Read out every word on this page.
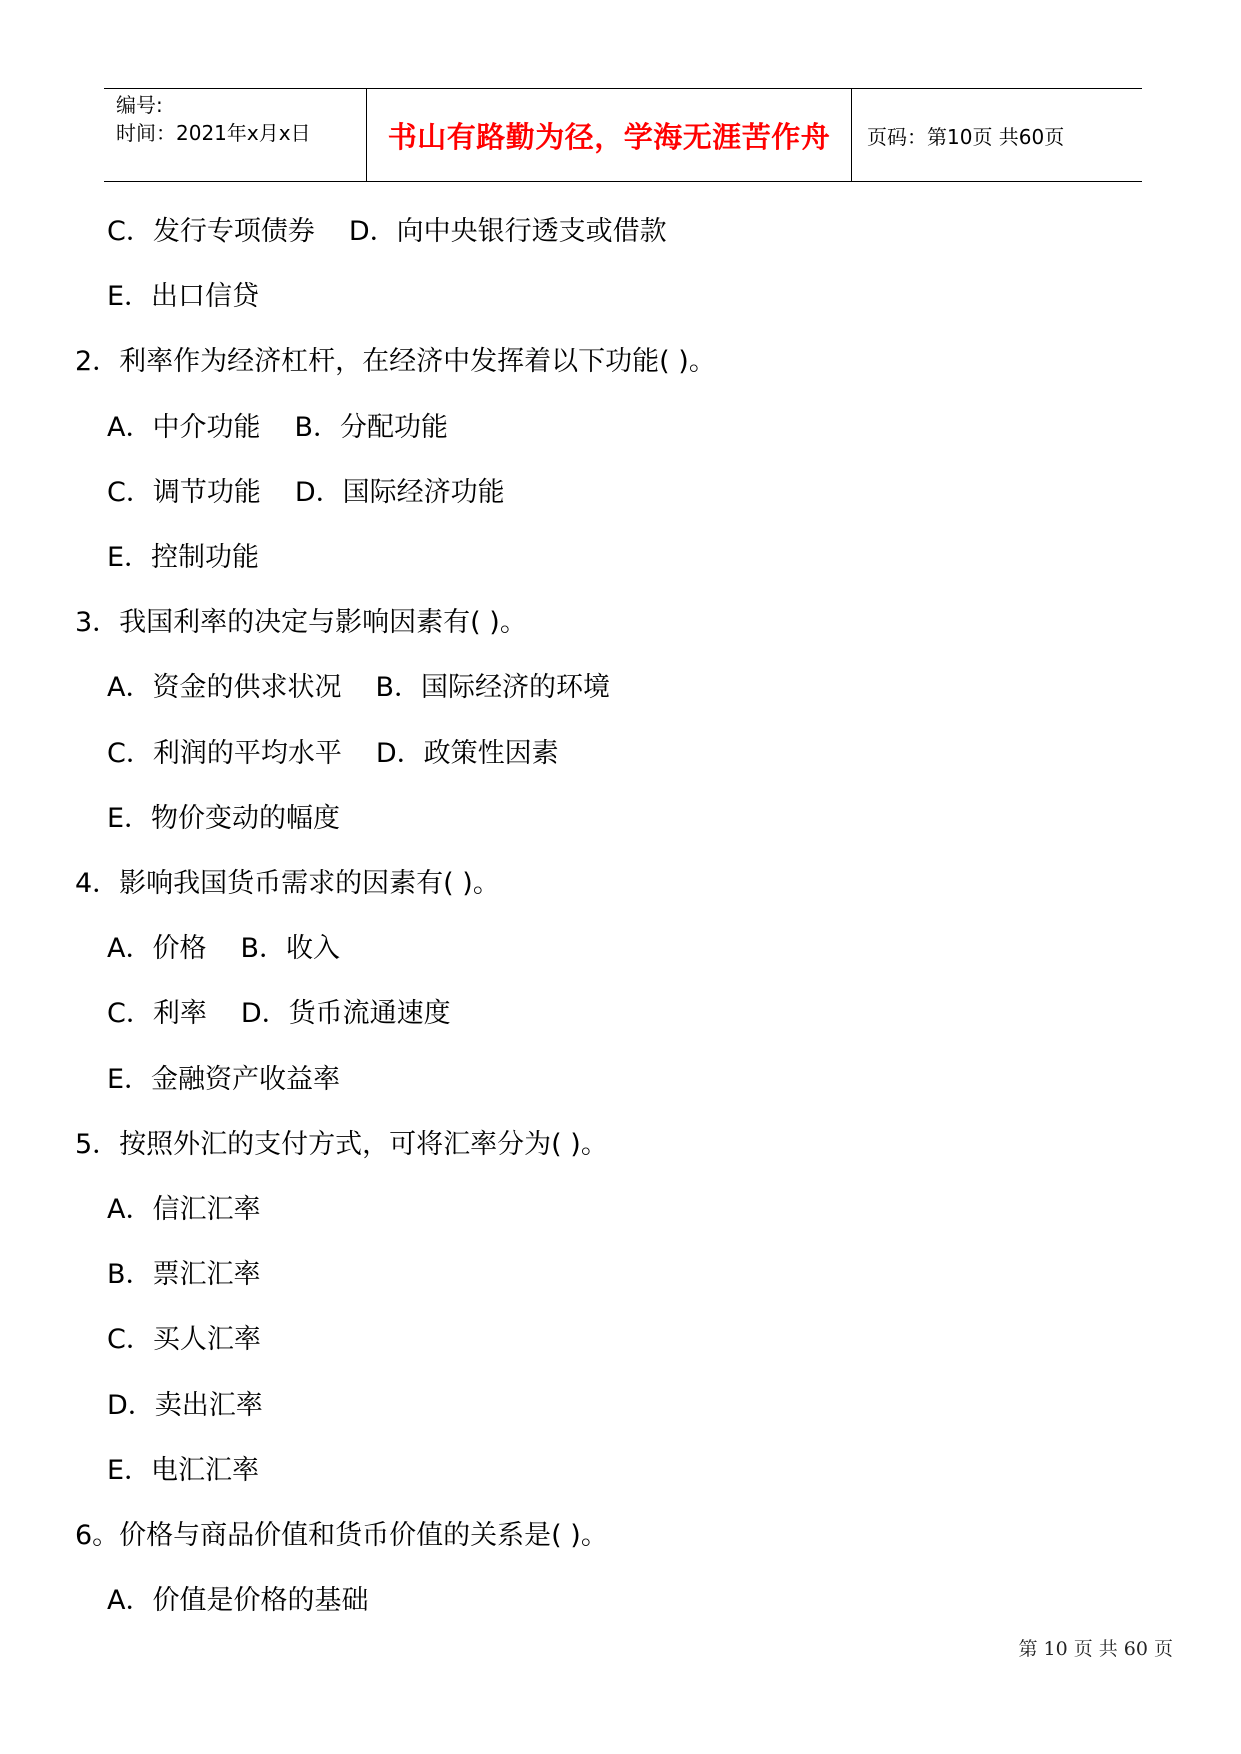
编号:
时间：2021年x月x日	书山有路勤为径，学海无涯苦作舟 页码：第10页 共60页
C．发行专项债券 D．向中央银行透支或借款
E．出口信贷
2．利率作为经济杠杆，在经济中发挥着以下功能( )。
A．中介功能 B．分配功能
C．调节功能 D．国际经济功能
E．控制功能
3．我国利率的决定与影响因素有( )。
A．资金的供求状况 B．国际经济的环境
C．利润的平均水平 D．政策性因素
E．物价变动的幅度
4．影响我国货币需求的因素有( )。
A．价格 B．收入
C．利率 D．货币流通速度
E．金融资产收益率
5．按照外汇的支付方式，可将汇率分为( )。
A．信汇汇率
B．票汇汇率
C．买人汇率
D．卖出汇率
E．电汇汇率
6。价格与商品价值和货币价值的关系是( )。
A．价值是价格的基础
第 10 页 共 60 页
